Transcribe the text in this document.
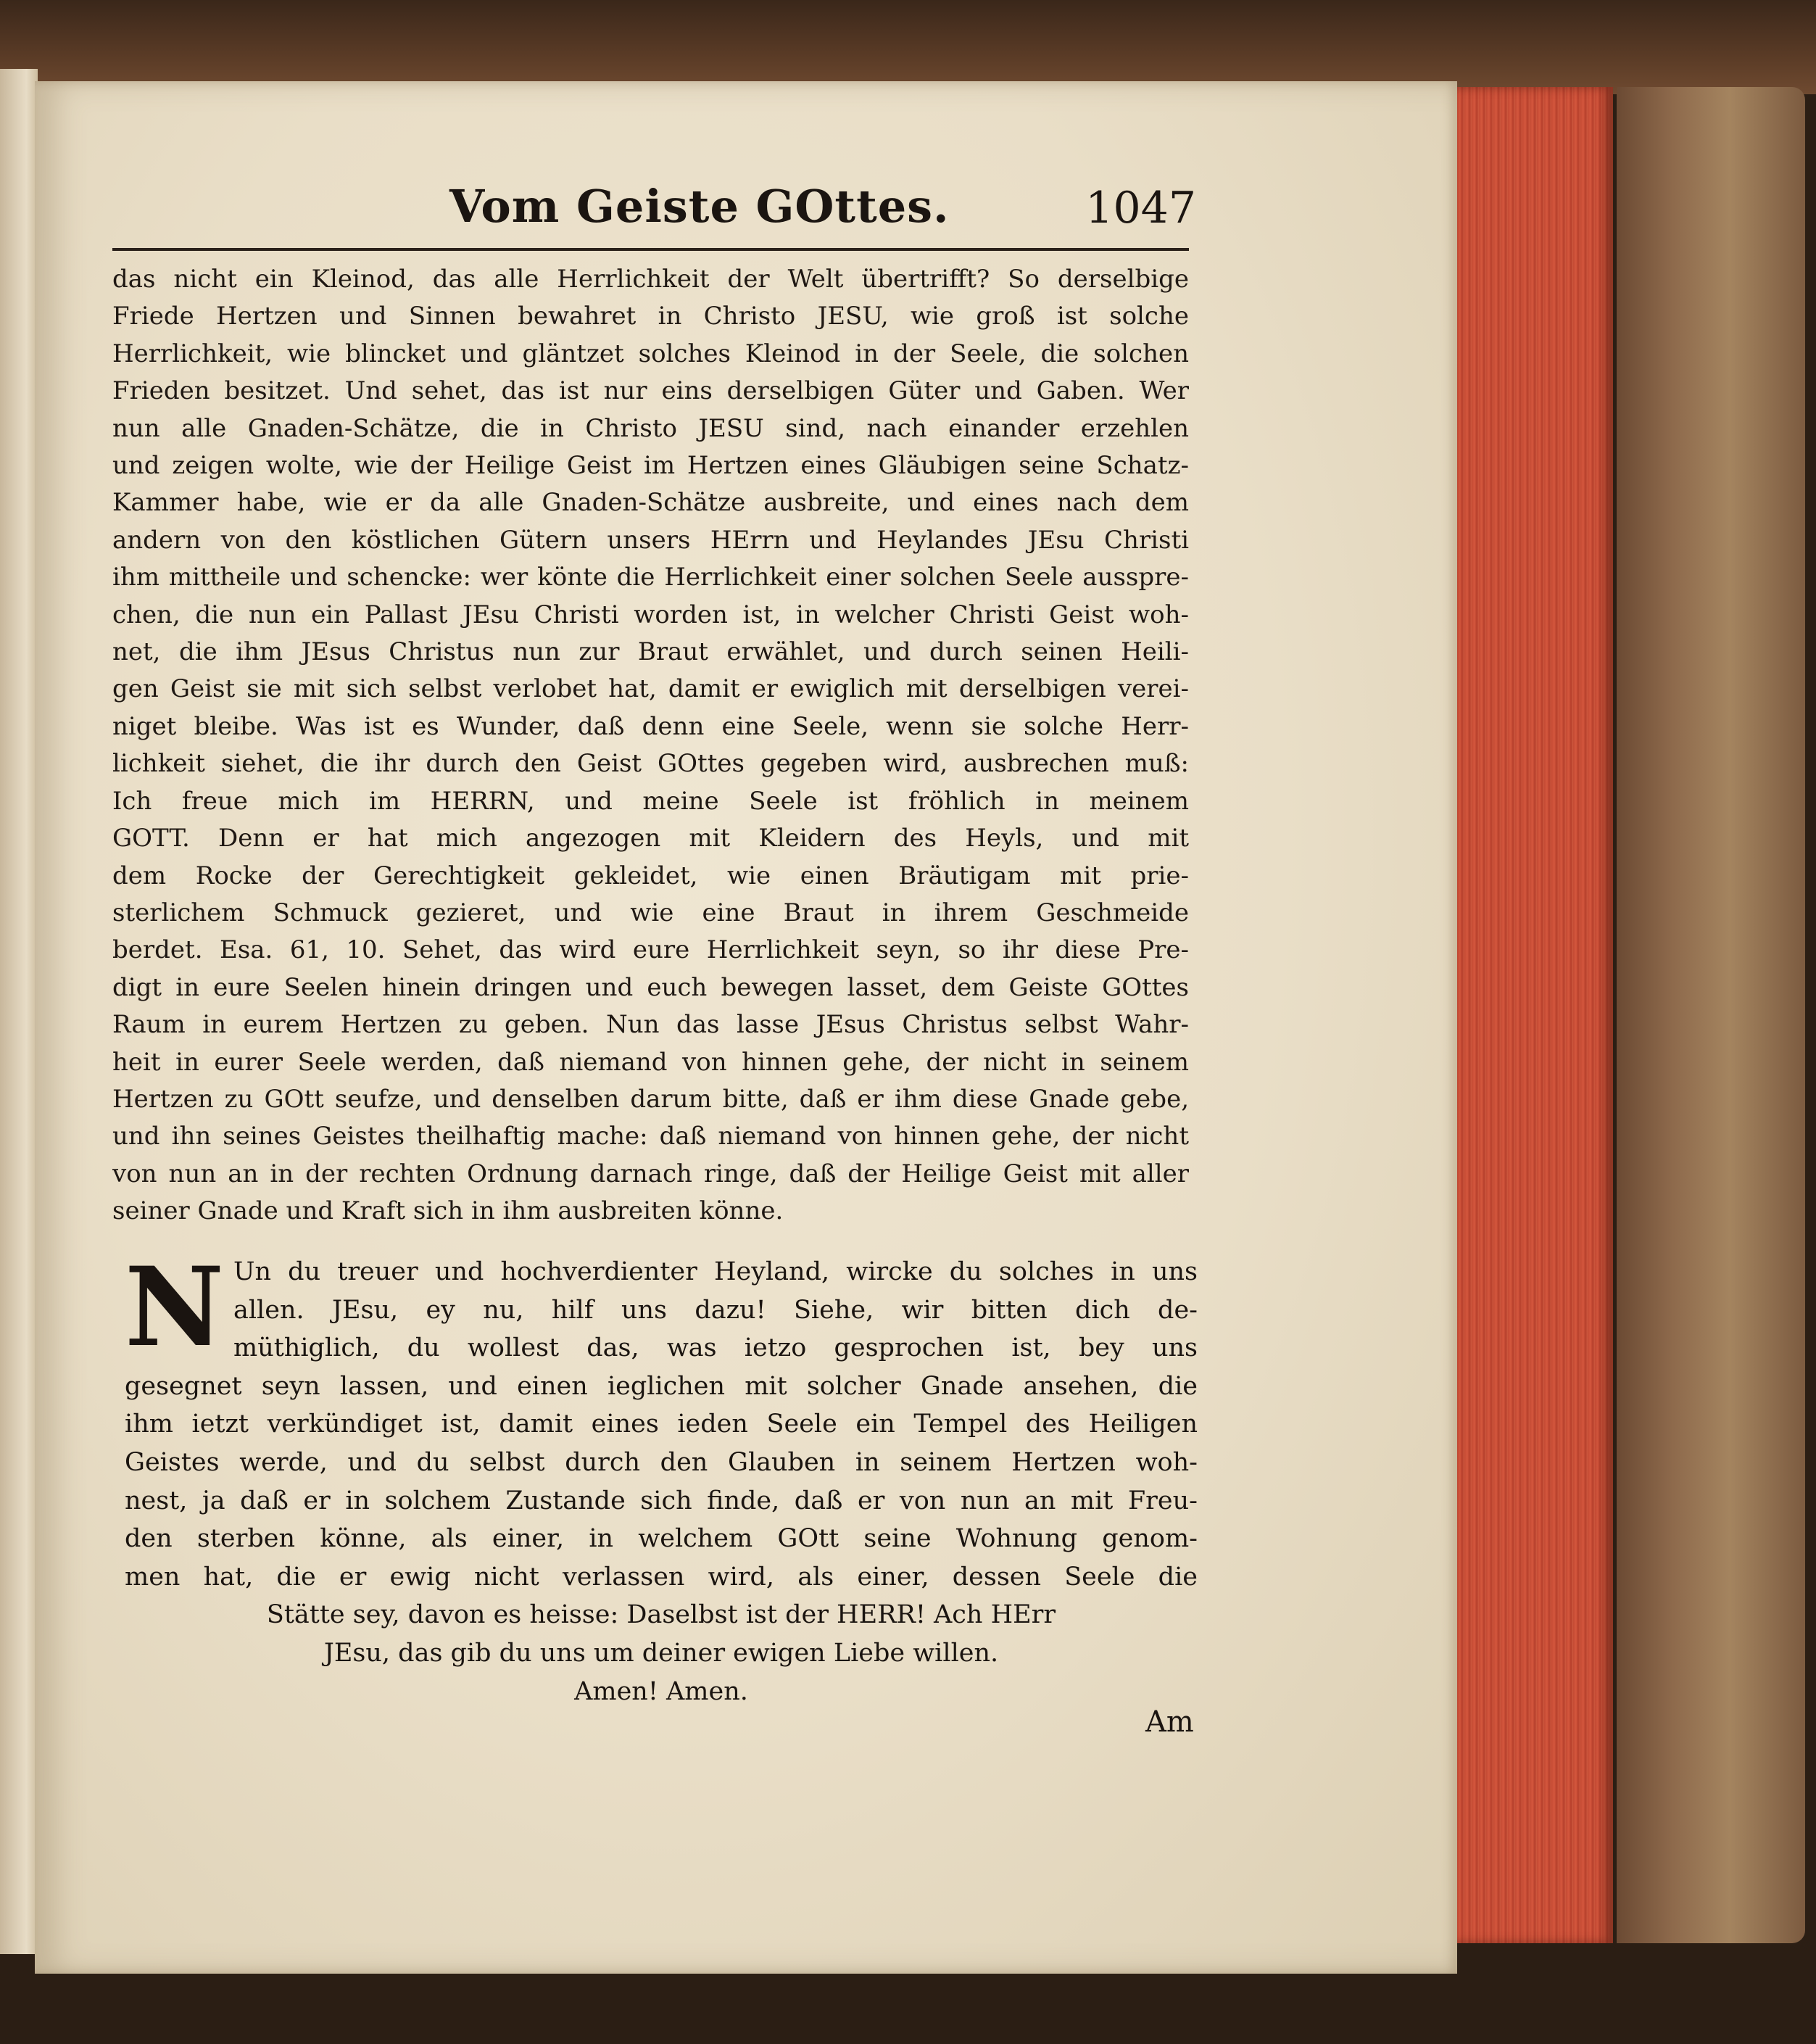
Vom Geiste GOttes.	1047
das nicht ein Kleinod, das alle Herrlichkeit der Welt übertrifft? So derselbige
Friede Hertzen und Sinnen bewahret in Christo JESU, wie groß ist solche
Herrlichkeit, wie blincket und gläntzet solches Kleinod in der Seele, die solchen
Frieden besitzet. Und sehet, das ist nur eins derselbigen Güter und Gaben. Wer
nun alle Gnaden-Schätze, die in Christo JESU sind, nach einander erzehlen
und zeigen wolte, wie der Heilige Geist im Hertzen eines Gläubigen seine Schatz-
Kammer habe, wie er da alle Gnaden-Schätze ausbreite, und eines nach dem
andern von den köstlichen Gütern unsers HErrn und Heylandes JEsu Christi
ihm mittheile und schencke: wer könte die Herrlichkeit einer solchen Seele ausspre-
chen, die nun ein Pallast JEsu Christi worden ist, in welcher Christi Geist woh-
net, die ihm JEsus Christus nun zur Braut erwählet, und durch seinen Heili-
gen Geist sie mit sich selbst verlobet hat, damit er ewiglich mit derselbigen verei-
niget bleibe. Was ist es Wunder, daß denn eine Seele, wenn sie solche Herr-
lichkeit siehet, die ihr durch den Geist GOttes gegeben wird, ausbrechen muß:
Ich freue mich im HERRN, und meine Seele ist fröhlich in meinem
GOTT. Denn er hat mich angezogen mit Kleidern des Heyls, und mit
dem Rocke der Gerechtigkeit gekleidet, wie einen Bräutigam mit prie-
sterlichem Schmuck gezieret, und wie eine Braut in ihrem Geschmeide
berdet. Esa. 61, 10. Sehet, das wird eure Herrlichkeit seyn, so ihr diese Pre-
digt in eure Seelen hinein dringen und euch bewegen lasset, dem Geiste GOttes
Raum in eurem Hertzen zu geben. Nun das lasse JEsus Christus selbst Wahr-
heit in eurer Seele werden, daß niemand von hinnen gehe, der nicht in seinem
Hertzen zu GOtt seufze, und denselben darum bitte, daß er ihm diese Gnade gebe,
und ihn seines Geistes theilhaftig mache: daß niemand von hinnen gehe, der nicht
von nun an in der rechten Ordnung darnach ringe, daß der Heilige Geist mit aller
seiner Gnade und Kraft sich in ihm ausbreiten könne.
N Un du treuer und hochverdienter Heyland, wircke du solches in uns
allen. JEsu, ey nu, hilf uns dazu! Siehe, wir bitten dich de-
müthiglich, du wollest das, was ietzo gesprochen ist, bey uns
gesegnet seyn lassen, und einen ieglichen mit solcher Gnade ansehen, die
ihm ietzt verkündiget ist, damit eines ieden Seele ein Tempel des Heiligen
Geistes werde, und du selbst durch den Glauben in seinem Hertzen woh-
nest, ja daß er in solchem Zustande sich finde, daß er von nun an mit Freu-
den sterben könne, als einer, in welchem GOtt seine Wohnung genom-
men hat, die er ewig nicht verlassen wird, als einer, dessen Seele die
Stätte sey, davon es heisse: Daselbst ist der HERR! Ach HErr
JEsu, das gib du uns um deiner ewigen Liebe willen.
Amen! Amen.
Am
